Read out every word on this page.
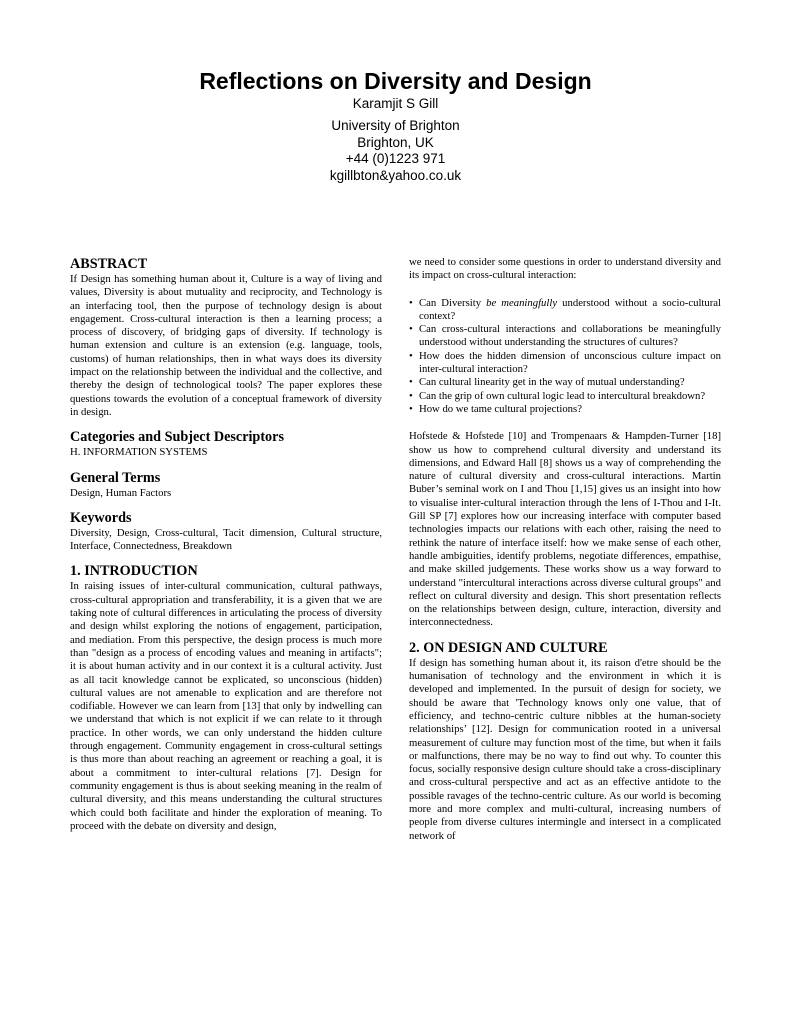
Reflections on Diversity and Design
Karamjit S Gill
University of Brighton
Brighton, UK
+44 (0)1223 971
kgillbton&yahoo.co.uk
ABSTRACT

If Design has something human about it, Culture is a way of living and values, Diversity is about mutuality and reciprocity, and Technology is an interfacing tool, then the purpose of technology design is about engagement. Cross-cultural interaction is then a learning process; a process of discovery, of bridging gaps of diversity. If technology is human extension and culture is an extension (e.g. language, tools, customs) of human relationships, then in what ways does its diversity impact on the relationship between the individual and the collective, and thereby the design of technological tools? The paper explores these questions towards the evolution of a conceptual framework of diversity in design.

Categories and Subject Descriptors

H. INFORMATION SYSTEMS

General Terms

Design, Human Factors

Keywords

Diversity, Design, Cross-cultural, Tacit dimension, Cultural structure, Interface, Connectedness, Breakdown

1. INTRODUCTION

In raising issues of inter-cultural communication, cultural pathways, cross-cultural appropriation and transferability, it is a given that we are taking note of cultural differences in articulating the process of diversity and design whilst exploring the notions of engagement, participation, and mediation. From this perspective, the design process is much more than "design as a process of encoding values and meaning in artifacts"; it is about human activity and in our context it is a cultural activity. Just as all tacit knowledge cannot be explicated, so unconscious (hidden) cultural values are not amenable to explication and are therefore not codifiable. However we can learn from [13] that only by indwelling can we understand that which is not explicit if we can relate to it through practice. In other words, we can only understand the hidden culture through engagement. Community engagement in cross-cultural settings is thus more than about reaching an agreement or reaching a goal, it is about a commitment to inter-cultural relations [7]. Design for community engagement is thus is about seeking meaning in the realm of cultural diversity, and this means understanding the cultural structures which could both facilitate and hinder the exploration of meaning. To proceed with the debate on diversity and design,

we need to consider some questions in order to understand diversity and its impact on cross-cultural interaction:

• Can Diversity be meaningfully understood without a socio-cultural context?
• Can cross-cultural interactions and collaborations be meaningfully understood without understanding the structures of cultures?
• How does the hidden dimension of unconscious culture impact on inter-cultural interaction?
• Can cultural linearity get in the way of mutual understanding?
• Can the grip of own cultural logic lead to intercultural breakdown?
• How do we tame cultural projections?

Hofstede & Hofstede [10] and Trompenaars & Hampden-Turner [18] show us how to comprehend cultural diversity and understand its dimensions, and Edward Hall [8] shows us a way of comprehending the nature of cultural diversity and cross-cultural interactions. Martin Buber’s seminal work on I and Thou [1,15] gives us an insight into how to visualise inter-cultural interaction through the lens of I-Thou and I-It. Gill SP [7] explores how our increasing interface with computer based technologies impacts our relations with each other, raising the need to rethink the nature of interface itself: how we make sense of each other, handle ambiguities, identify problems, negotiate differences, empathise, and make skilled judgements. These works show us a way forward to understand "intercultural interactions across diverse cultural groups" and reflect on cultural diversity and design. This short presentation reflects on the relationships between design, culture, interaction, diversity and interconnectedness.

2. ON DESIGN AND CULTURE

If design has something human about it, its raison d'etre should be the humanisation of technology and the environment in which it is developed and implemented. In the pursuit of design for society, we should be aware that 'Technology knows only one value, that of efficiency, and techno-centric culture nibbles at the human-society relationships’ [12]. Design for communication rooted in a universal measurement of culture may function most of the time, but when it fails or malfunctions, there may be no way to find out why. To counter this focus, socially responsive design culture should take a cross-disciplinary and cross-cultural perspective and act as an effective antidote to the possible ravages of the techno-centric culture. As our world is becoming more and more complex and multi-cultural, increasing numbers of people from diverse cultures intermingle and intersect in a complicated network of
